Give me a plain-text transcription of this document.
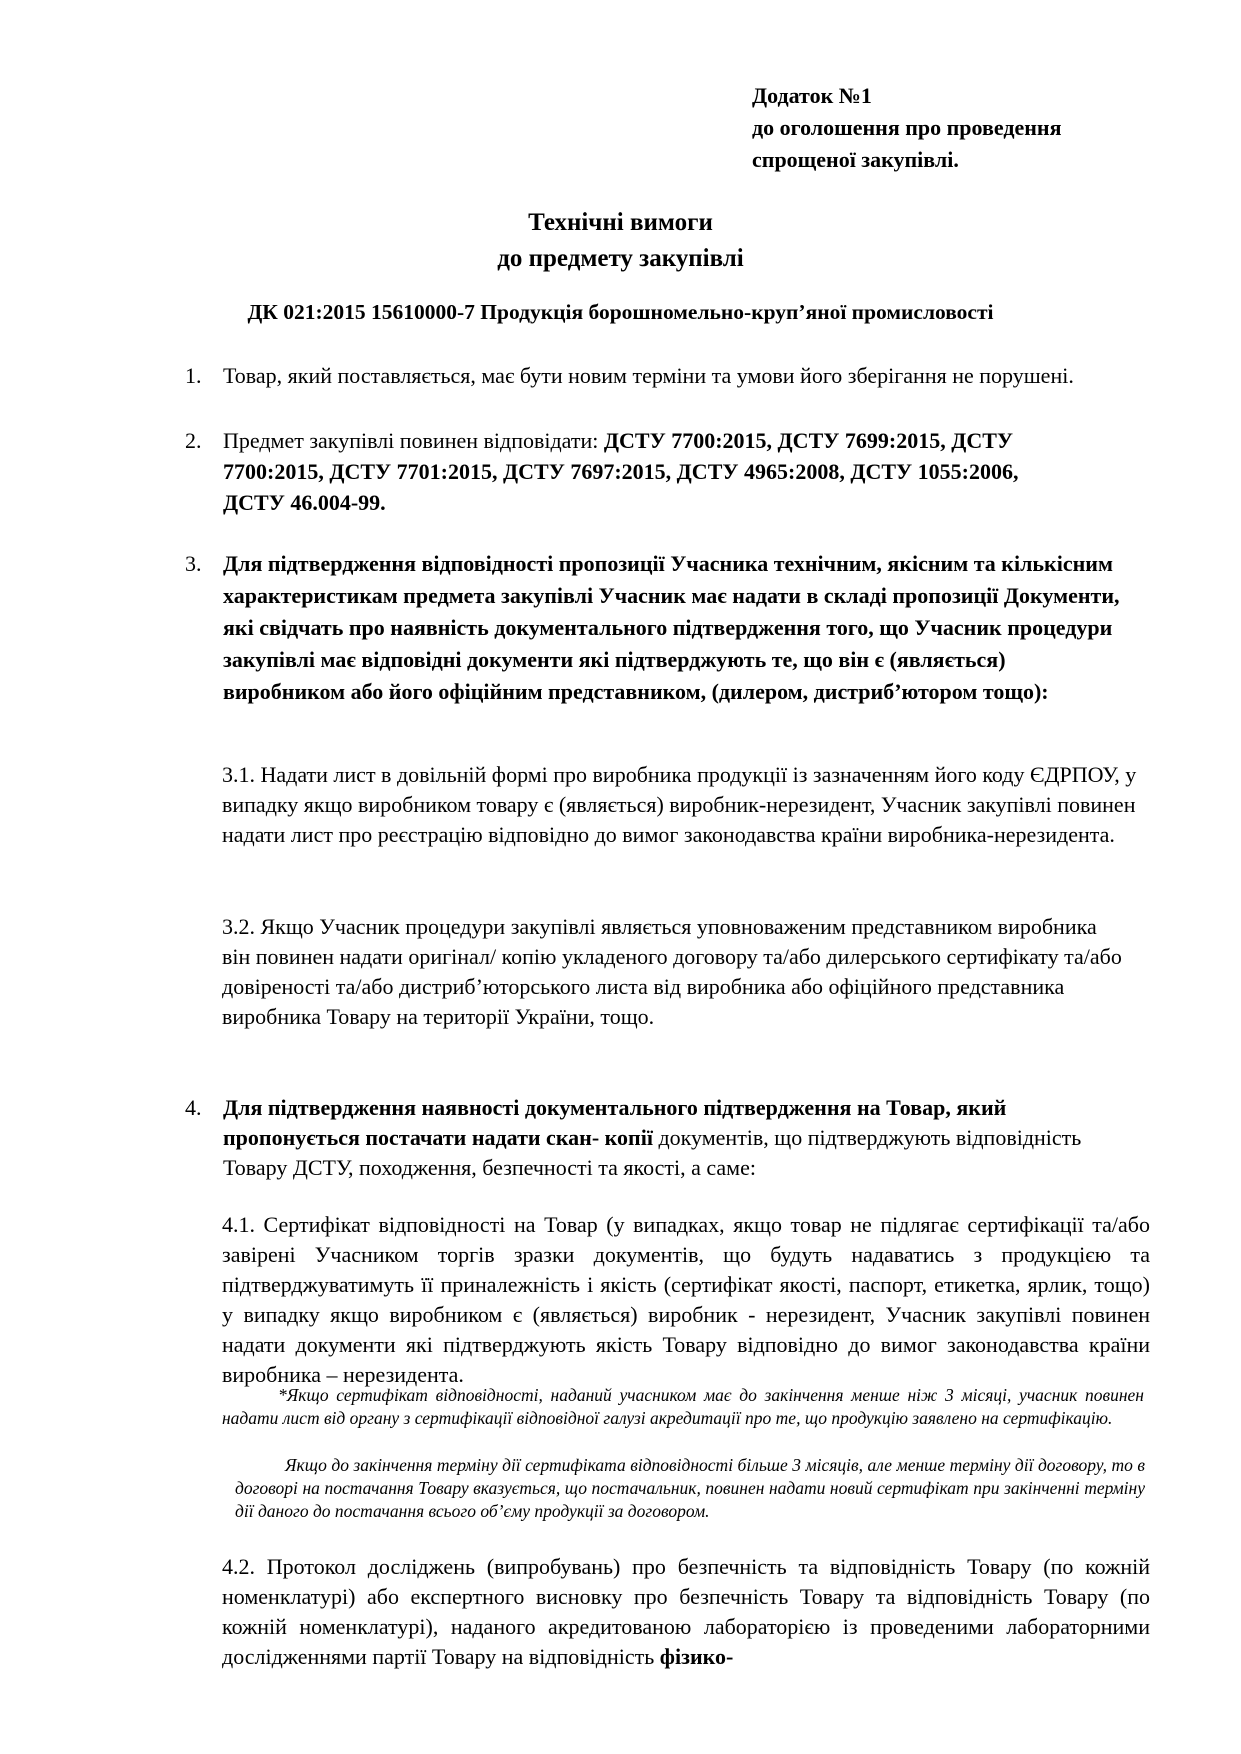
Додаток №1
до оголошення про проведення
спрощеної закупівлі.
Технічні вимоги
до предмету закупівлі
ДК 021:2015 15610000-7 Продукція борошномельно-круп’яної промисловості
1. Товар, який поставляється, має бути новим терміни та умови його зберігання не порушені.
2. Предмет закупівлі повинен відповідати: ДСТУ 7700:2015, ДСТУ 7699:2015, ДСТУ 7700:2015, ДСТУ 7701:2015, ДСТУ 7697:2015, ДСТУ 4965:2008, ДСТУ 1055:2006, ДСТУ 46.004-99.
3. Для підтвердження відповідності пропозиції Учасника технічним, якісним та кількісним характеристикам предмета закупівлі Учасник має надати в складі пропозиції Документи, які свідчать про наявність документального підтвердження того, що Учасник процедури закупівлі має відповідні документи які підтверджують те, що він є (являється) виробником або його офіційним представником, (дилером, дистриб’ютором тощо):
3.1. Надати лист в довільній формі про виробника продукції із зазначенням його коду ЄДРПОУ, у випадку якщо виробником товару є (являється) виробник-нерезидент, Учасник закупівлі повинен надати лист про реєстрацію відповідно до вимог законодавства країни виробника-нерезидента.
3.2. Якщо Учасник процедури закупівлі являється уповноваженим представником виробника він повинен надати оригінал/ копію укладеного договору та/або дилерського сертифікату та/або довіреності та/або дистриб’юторського листа від виробника або офіційного представника виробника Товару на території України, тощо.
4. Для підтвердження наявності документального підтвердження на Товар, який пропонується постачати надати скан- копії документів, що підтверджують відповідність Товару ДСТУ, походження, безпечності та якості, а саме:
4.1. Сертифікат відповідності на Товар (у випадках, якщо товар не підлягає сертифікації та/або завірені Учасником торгів зразки документів, що будуть надаватись з продукцією та підтверджуватимуть її приналежність і якість (сертифікат якості, паспорт, етикетка, ярлик, тощо) у випадку якщо виробником є (являється) виробник - нерезидент, Учасник закупівлі повинен надати документи які підтверджують якість Товару відповідно до вимог законодавства країни виробника – нерезидента.
*Якщо сертифікат відповідності, наданий учасником має до закінчення менше ніж 3 місяці, учасник повинен надати лист від органу з сертифікації відповідної галузі акредитації про те, що продукцію заявлено на сертифікацію.
Якщо до закінчення терміну дії сертифіката відповідності більше 3 місяців, але менше терміну дії договору, то в договорі на постачання Товару вказується, що постачальник, повинен надати новий сертифікат при закінченні терміну дії даного до постачання всього об’єму продукції за договором.
4.2. Протокол досліджень (випробувань) про безпечність та відповідність Товару (по кожній номенклатурі) або експертного висновку про безпечність Товару та відповідність Товару (по кожній номенклатурі), наданого акредитованою лабораторією із проведеними лабораторними дослідженнями партії Товару на відповідність фізико-
